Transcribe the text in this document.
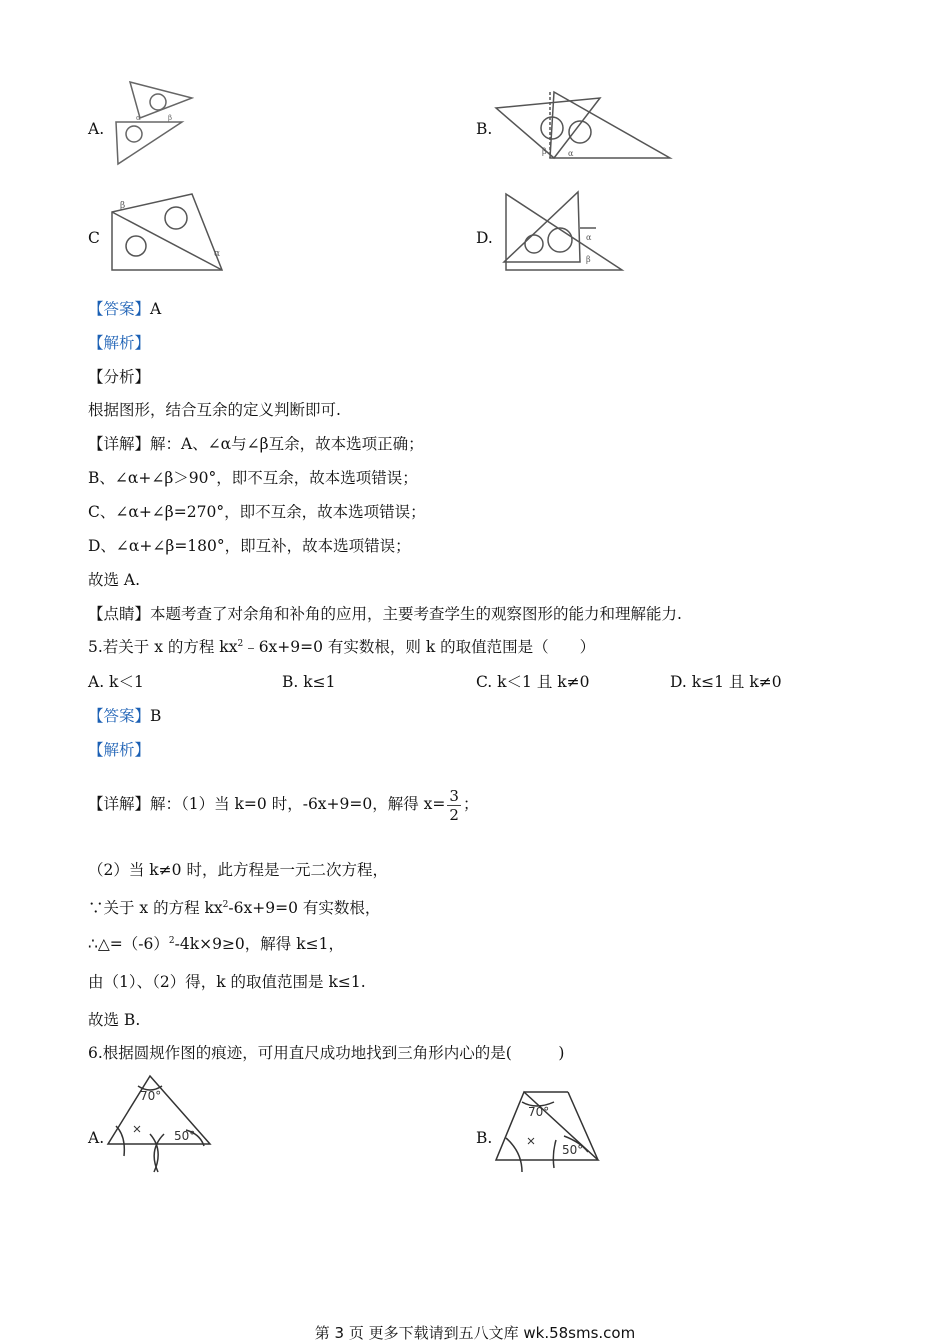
A.
α	β
B.
β	α
C
β
α
D.	α
β
【答案】A
【解析】
【分析】
根据图形，结合互余的定义判断即可.
【详解】解：A、∠α与∠β互余，故本选项正确；
B、∠α+∠β＞90°，即不互余，故本选项错误；
C、∠α+∠β=270°，即不互余，故本选项错误；
D、∠α+∠β=180°，即互补，故本选项错误；
故选 A.
【点睛】本题考查了对余角和补角的应用，主要考查学生的观察图形的能力和理解能力.
5.若关于 x 的方程 $kx^2﹣6x+9=0$ 有实数根，则 k 的取值范围是（　　）
A. k＜1	B. k≤1	C. k＜1 且 k≠0	D. k≤1 且 k≠0
【答案】B
【解析】
【详解】解：（1）当 k=0 时，-6x+9=0，解得 $x= \frac{3}{2}$ ；
（2）当 k≠0 时，此方程是一元二次方程，
∵关于 x 的方程 $kx^2-6x+9=0$ 有实数根，
$\therefore\triangle=(-6)^2-4k\times 9\ge 0$，解得 k≤1，
由（1）、（2）得，k 的取值范围是 k≤1.
故选 B.
6.根据圆规作图的痕迹，可用直尺成功地找到三角形内心的是(　　　)
A.
70°
50°	B.
70°
50°
第 3 页 更多下载请到五八文库 wk.58sms.com
